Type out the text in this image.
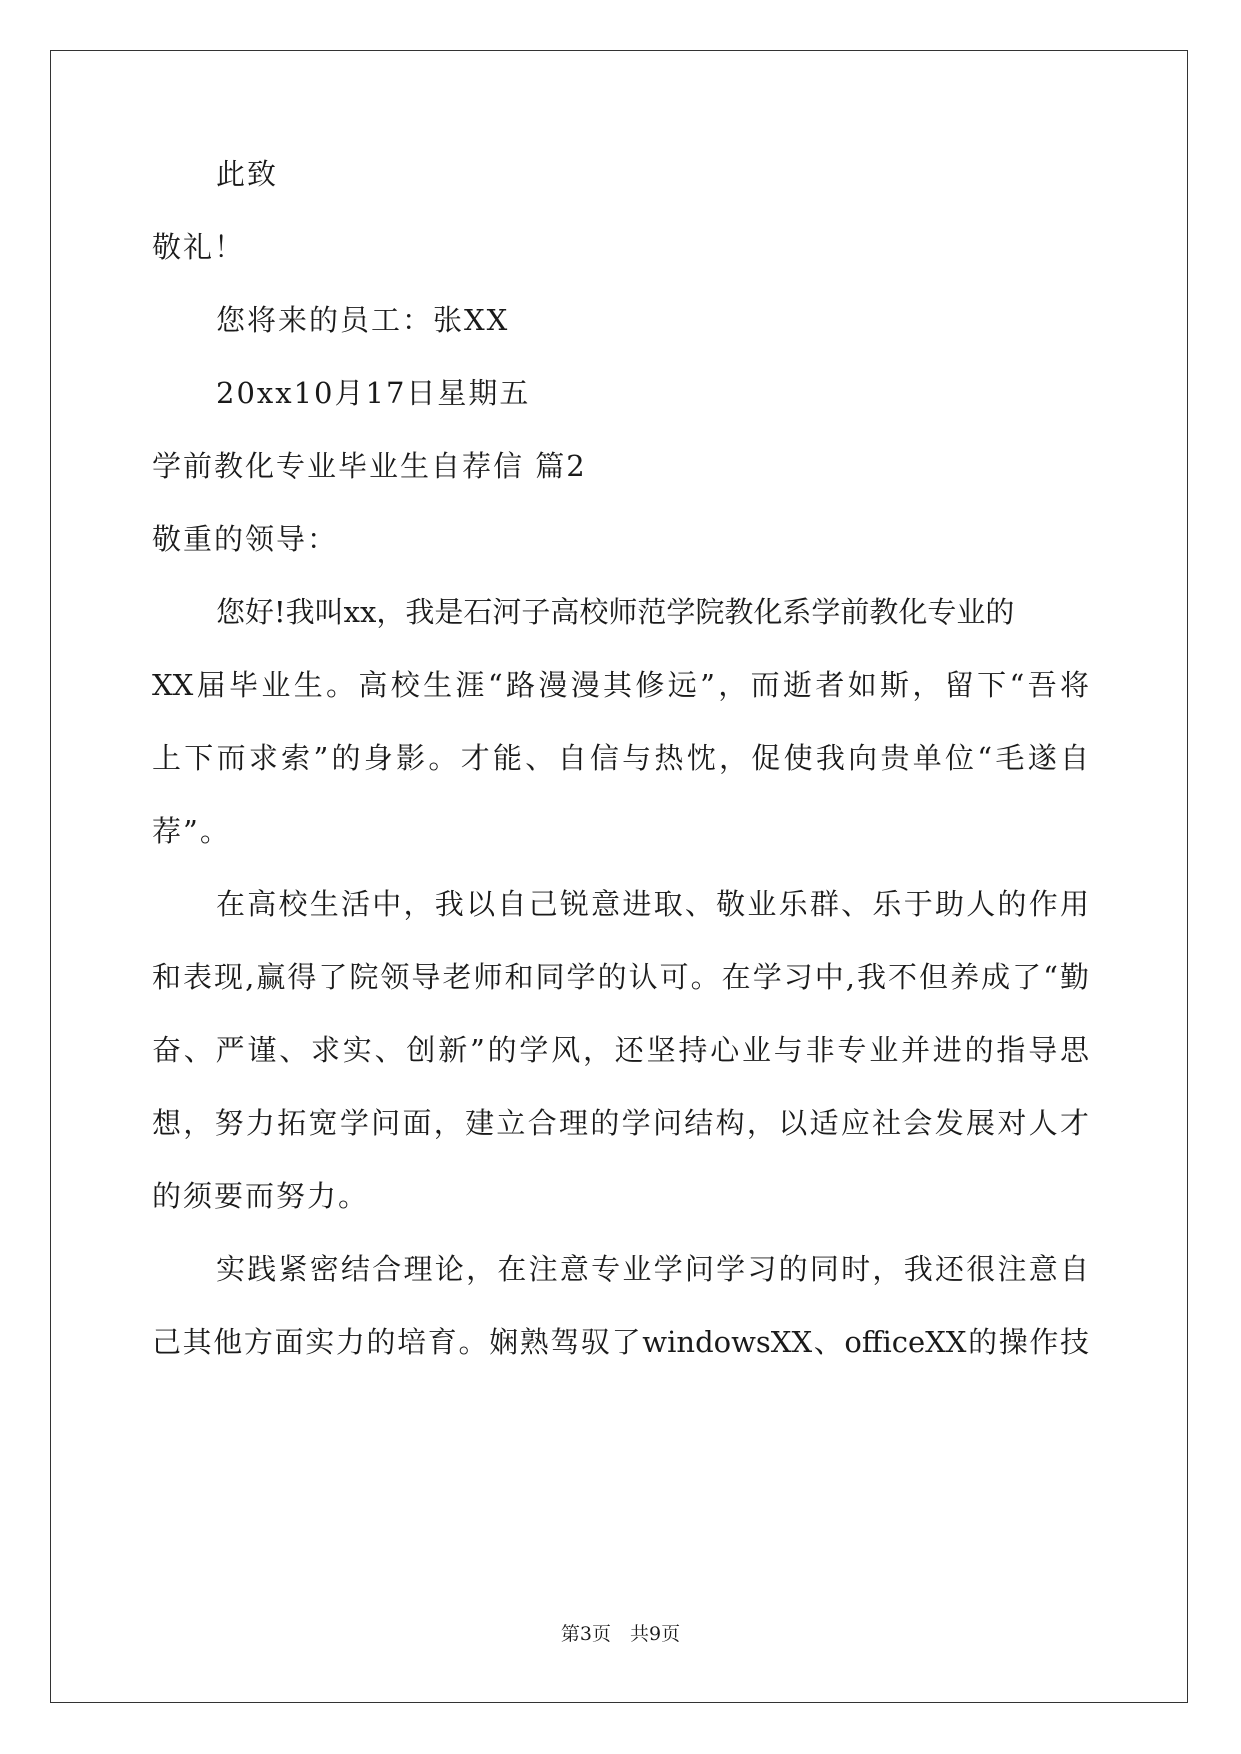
此致
敬礼！
您将来的员工：张XX
20xx10月17日星期五
学前教化专业毕业生自荐信 篇2
敬重的领导：
您好!我叫xx，我是石河子高校师范学院教化系学前教化专业的
XX届毕业生。高校生涯“路漫漫其修远”，而逝者如斯，留下“吾将
上下而求索”的身影。才能、自信与热忱，促使我向贵单位“毛遂自
荐”。
在高校生活中，我以自己锐意进取、敬业乐群、乐于助人的作用
和表现,赢得了院领导老师和同学的认可。在学习中,我不但养成了“勤
奋、严谨、求实、创新”的学风，还坚持心业与非专业并进的指导思
想，努力拓宽学问面，建立合理的学问结构，以适应社会发展对人才
的须要而努力。
实践紧密结合理论，在注意专业学问学习的同时，我还很注意自
己其他方面实力的培育。娴熟驾驭了windowsXX、officeXX的操作技
第3页　共9页
